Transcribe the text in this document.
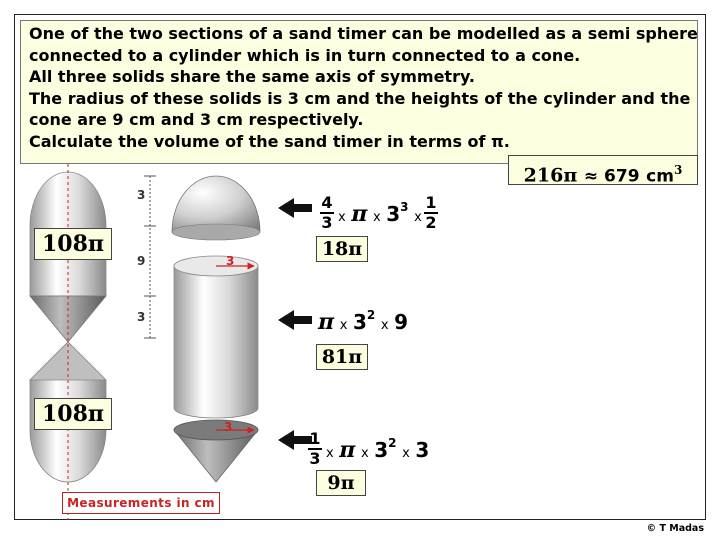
One of the two sections of a sand timer can be modelled as a semi sphere
connected to a cylinder which is in turn connected to a cone.
All three solids share the same axis of symmetry.
The radius of these solids is 3 cm and the heights of the cylinder and the
cone are 9 cm and 3 cm respectively.
Calculate the volume of the sand timer in terms of π.
216π ≈ 679 $cm^3$
108π
108π
3
9
3
3
3
$\frac{4}{3}$ x π x $3^3$ x $\frac{1}{2}$
18π
π x $3^2$ x 9
81π
$\frac{1}{3}$ x π x $3^2$ x 3
9π
Measurements in cm
© T Madas
